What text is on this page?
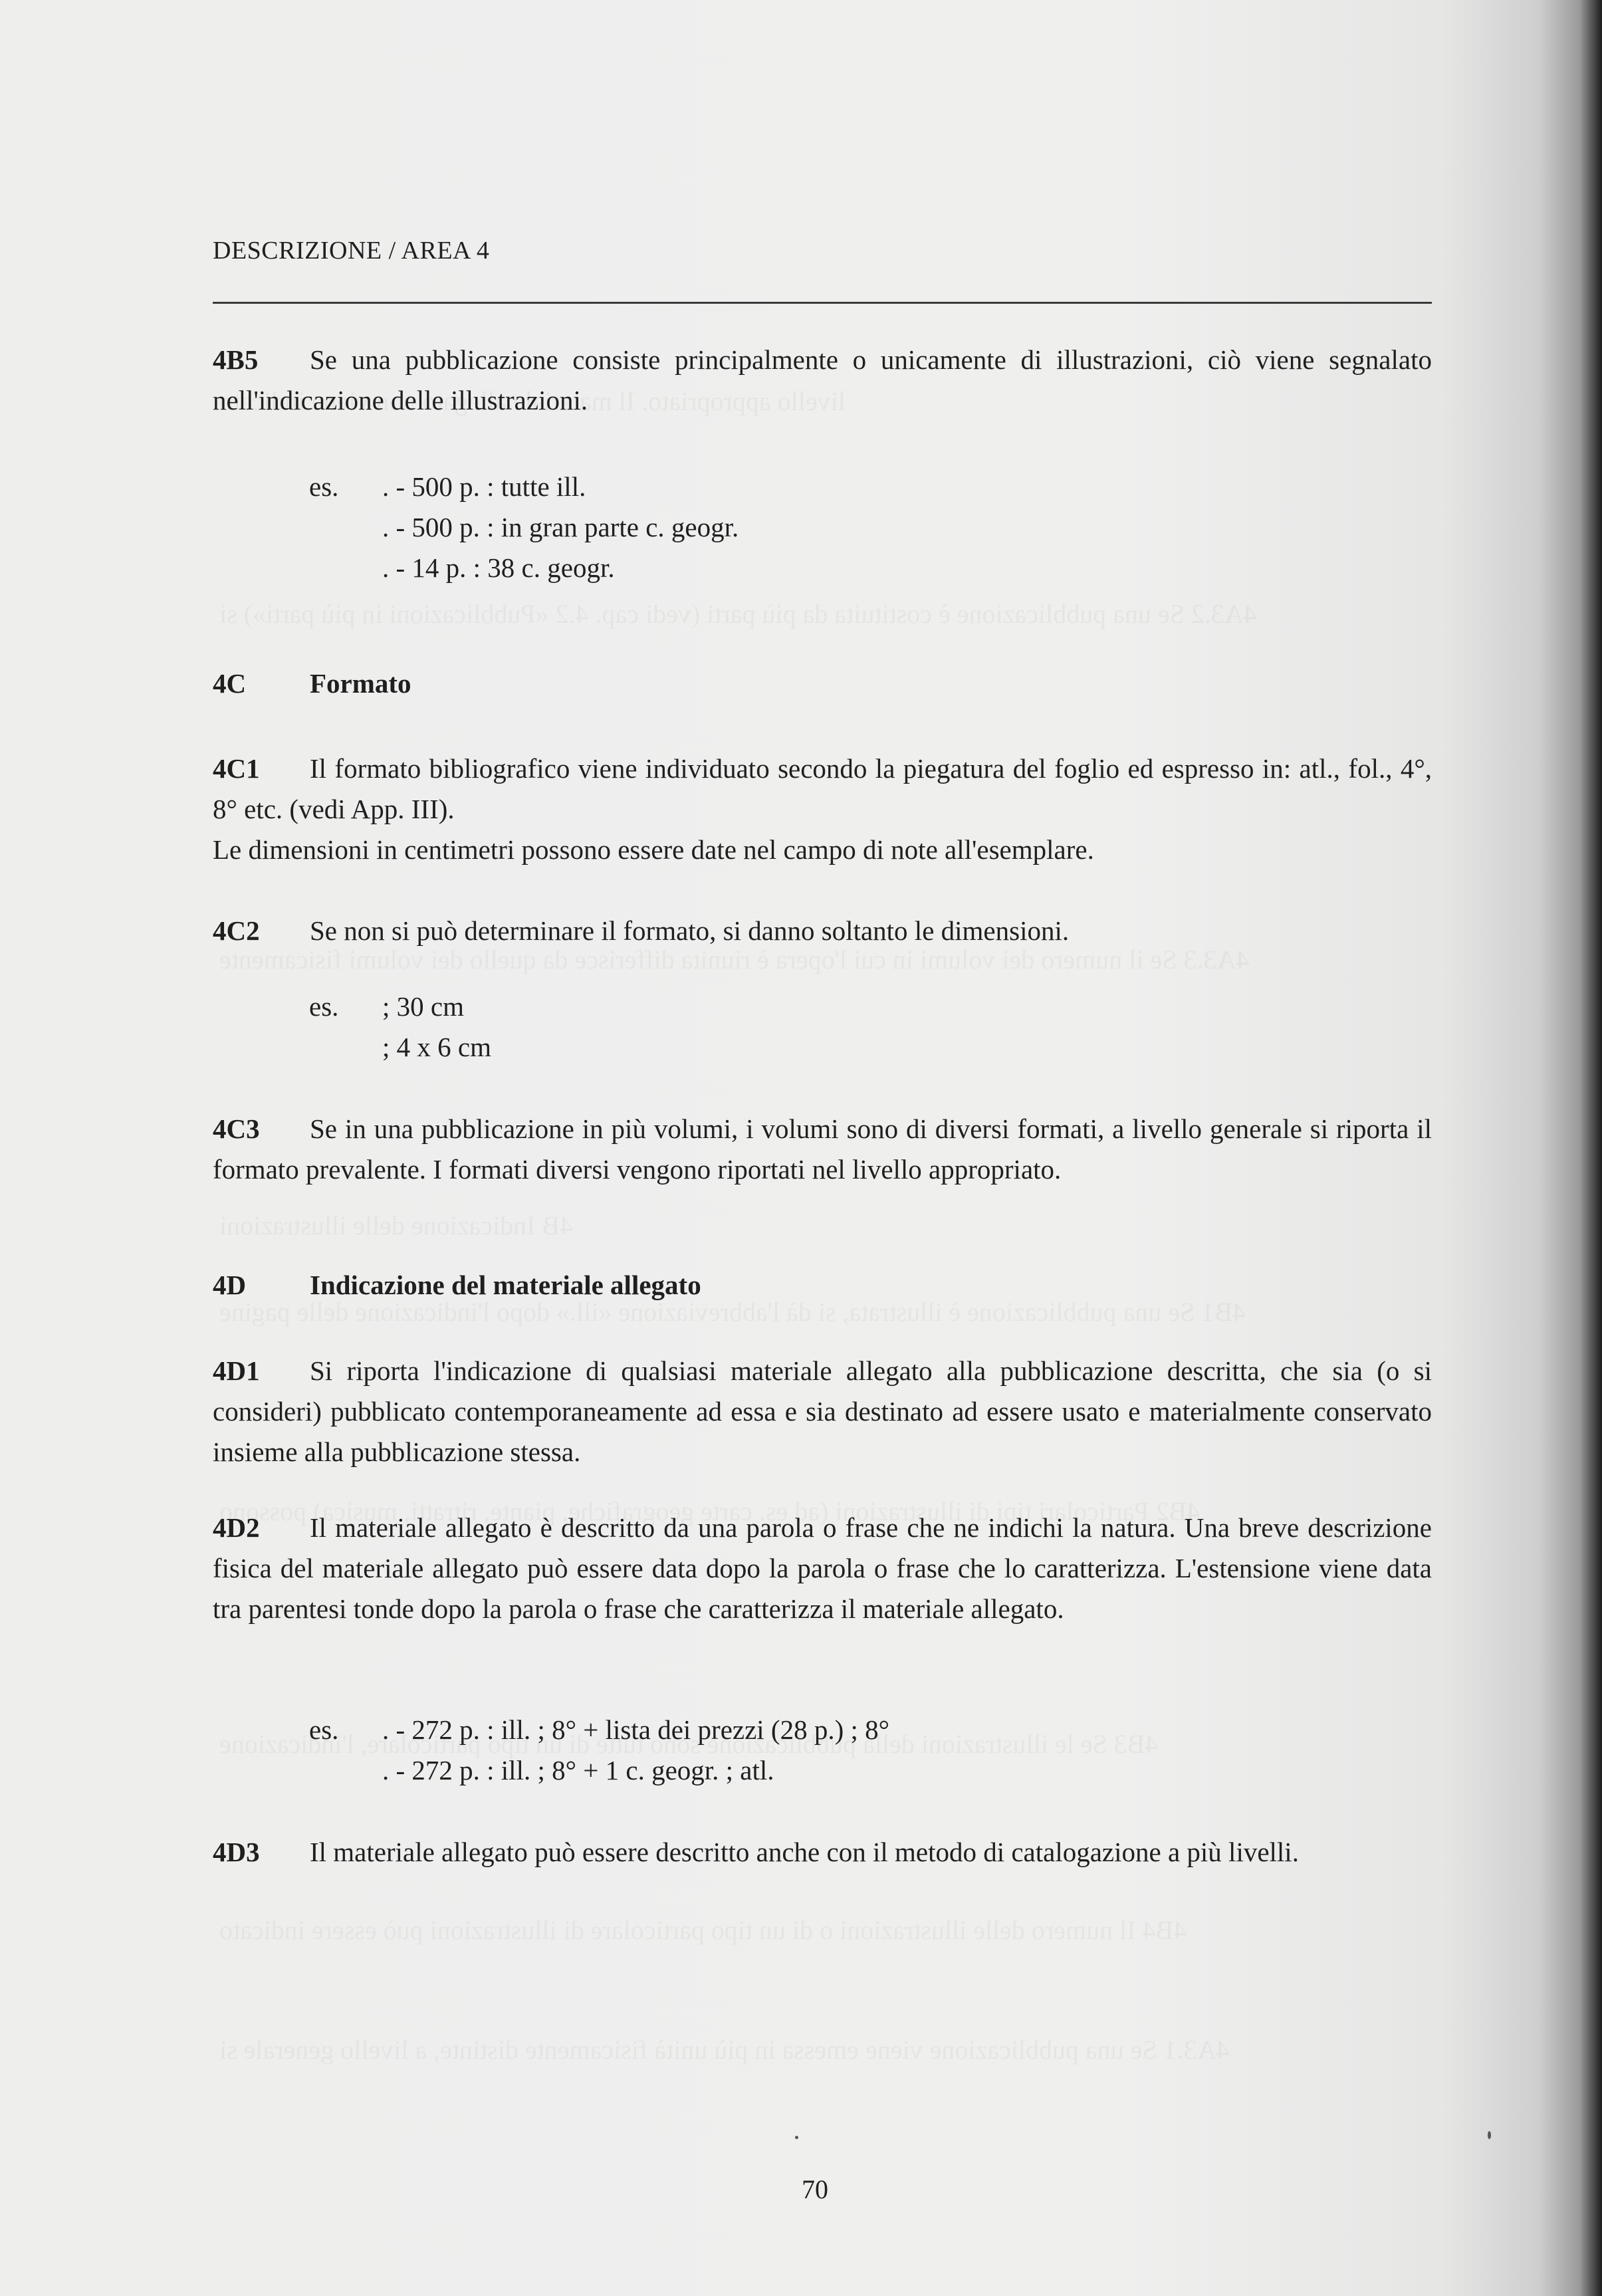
DESCRIZIONE / AREA 4
4B5 Se una pubblicazione consiste principalmente o unicamente di illustrazioni, ciò viene segnalato nell'indicazione delle illustrazioni.
es. . - 500 p. : tutte ill.
. - 500 p. : in gran parte c. geogr.
. - 14 p. : 38 c. geogr.
4C Formato
4C1 Il formato bibliografico viene individuato secondo la piegatura del foglio ed espresso in: atl., fol., 4°, 8° etc. (vedi App. III).
Le dimensioni in centimetri possono essere date nel campo di note all'esemplare.
4C2 Se non si può determinare il formato, si danno soltanto le dimensioni.
es. ; 30 cm
; 4 x 6 cm
4C3 Se in una pubblicazione in più volumi, i volumi sono di diversi formati, a livello generale si riporta il formato prevalente. I formati diversi vengono riportati nel livello appropriato.
4D Indicazione del materiale allegato
4D1 Si riporta l'indicazione di qualsiasi materiale allegato alla pubblicazione descritta, che sia (o si consideri) pubblicato contemporaneamente ad essa e sia destinato ad essere usato e materialmente conservato insieme alla pubblicazione stessa.
4D2 Il materiale allegato è descritto da una parola o frase che ne indichi la natura. Una breve descrizione fisica del materiale allegato può essere data dopo la parola o frase che lo caratterizza. L'estensione viene data tra parentesi tonde dopo la parola o frase che caratterizza il materiale allegato.
es. . - 272 p. : ill. ; 8° + lista dei prezzi (28 p.) ; 8°
. - 272 p. : ill. ; 8° + 1 c. geogr. ; atl.
4D3 Il materiale allegato può essere descritto anche con il metodo di catalogazione a più livelli.
70
